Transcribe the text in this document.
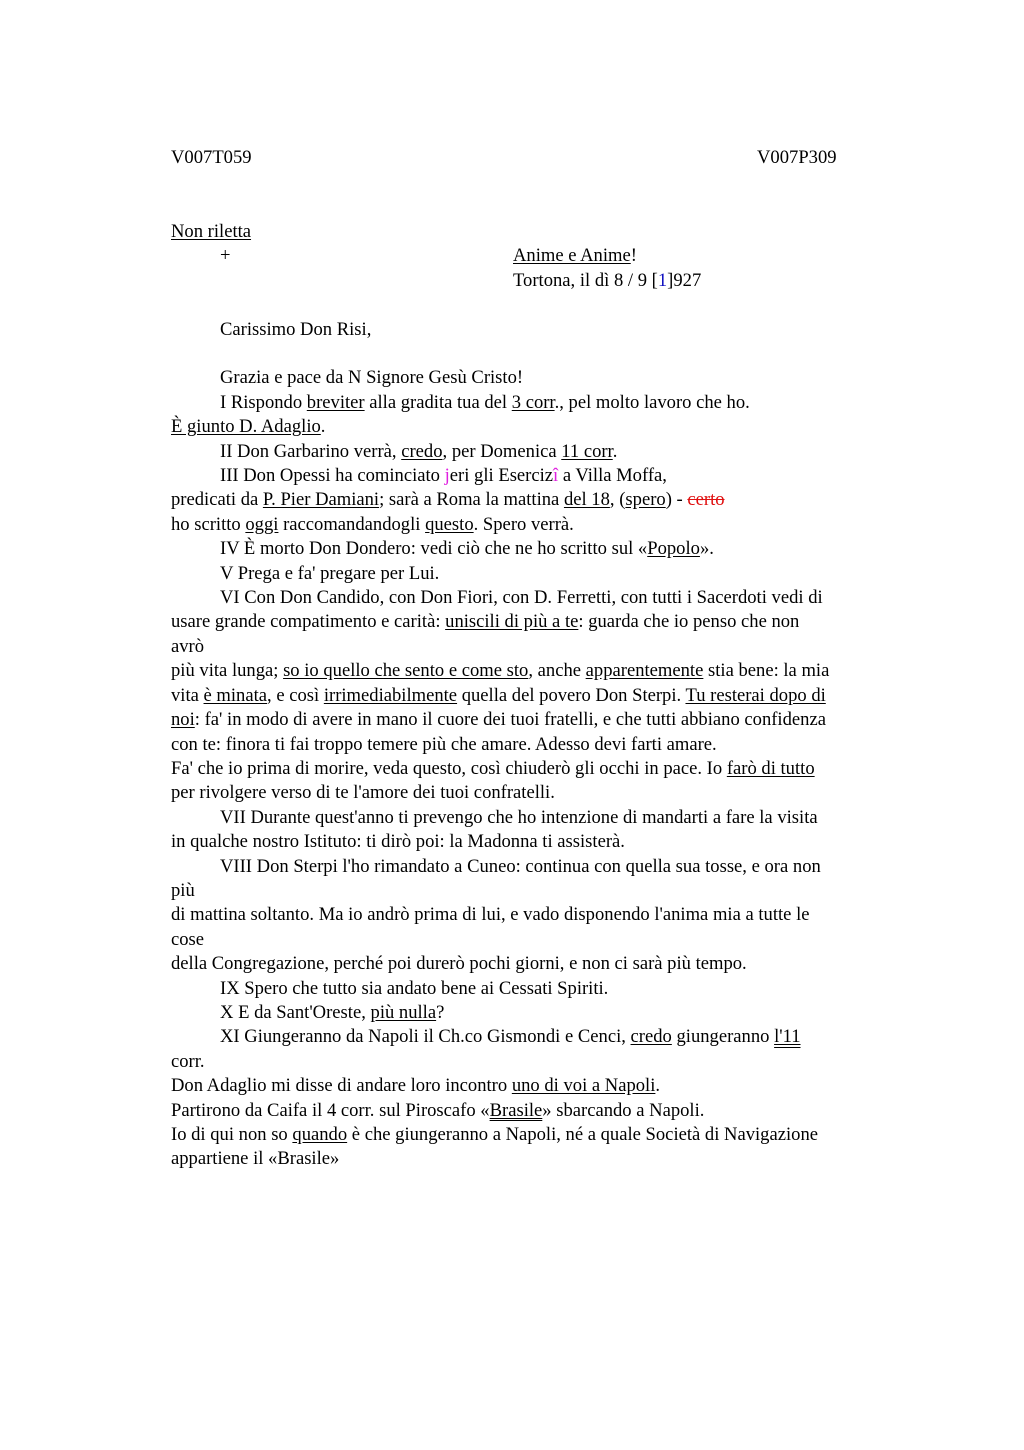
V007T059	V007P309
Non riletta
+	Anime e Anime!
Tortona, il dì 8 / 9 [1]927
Carissimo Don Risi,
Grazia e pace da N Signore Gesù Cristo!
I Rispondo breviter alla gradita tua del 3 corr., pel molto lavoro che ho.
È giunto D. Adaglio.
II Don Garbarino verrà, credo, per Domenica 11 corr.
III Don Opessi ha cominciato jeri gli Esercizî a Villa Moffa,
predicati da P. Pier Damiani; sarà a Roma la mattina del 18, (spero) - certo
ho scritto oggi raccomandandogli questo. Spero verrà.
IV È morto Don Dondero: vedi ciò che ne ho scritto sul «Popolo».
V Prega e fa' pregare per Lui.
VI Con Don Candido, con Don Fiori, con D. Ferretti, con tutti i Sacerdoti vedi di
usare grande compatimento e carità: uniscili di più a te: guarda che io penso che non
avrò
più vita lunga; so io quello che sento e come sto, anche apparentemente stia bene: la mia
vita è minata, e così irrimediabilmente quella del povero Don Sterpi. Tu resterai dopo di
noi: fa' in modo di avere in mano il cuore dei tuoi fratelli, e che tutti abbiano confidenza
con te: finora ti fai troppo temere più che amare. Adesso devi farti amare.
Fa' che io prima di morire, veda questo, così chiuderò gli occhi in pace. Io farò di tutto
per rivolgere verso di te l'amore dei tuoi confratelli.
VII Durante quest'anno ti prevengo che ho intenzione di mandarti a fare la visita
in qualche nostro Istituto: ti dirò poi: la Madonna ti assisterà.
VIII Don Sterpi l'ho rimandato a Cuneo: continua con quella sua tosse, e ora non
più
di mattina soltanto. Ma io andrò prima di lui, e vado disponendo l'anima mia a tutte le
cose
della Congregazione, perché poi durerò pochi giorni, e non ci sarà più tempo.
IX Spero che tutto sia andato bene ai Cessati Spiriti.
X E da Sant'Oreste, più nulla?
XI Giungeranno da Napoli il Ch.co Gismondi e Cenci, credo giungeranno l'11
corr.
Don Adaglio mi disse di andare loro incontro uno di voi a Napoli.
Partirono da Caifa il 4 corr. sul Piroscafo «Brasile» sbarcando a Napoli.
Io di qui non so quando è che giungeranno a Napoli, né a quale Società di Navigazione
appartiene il «Brasile»
